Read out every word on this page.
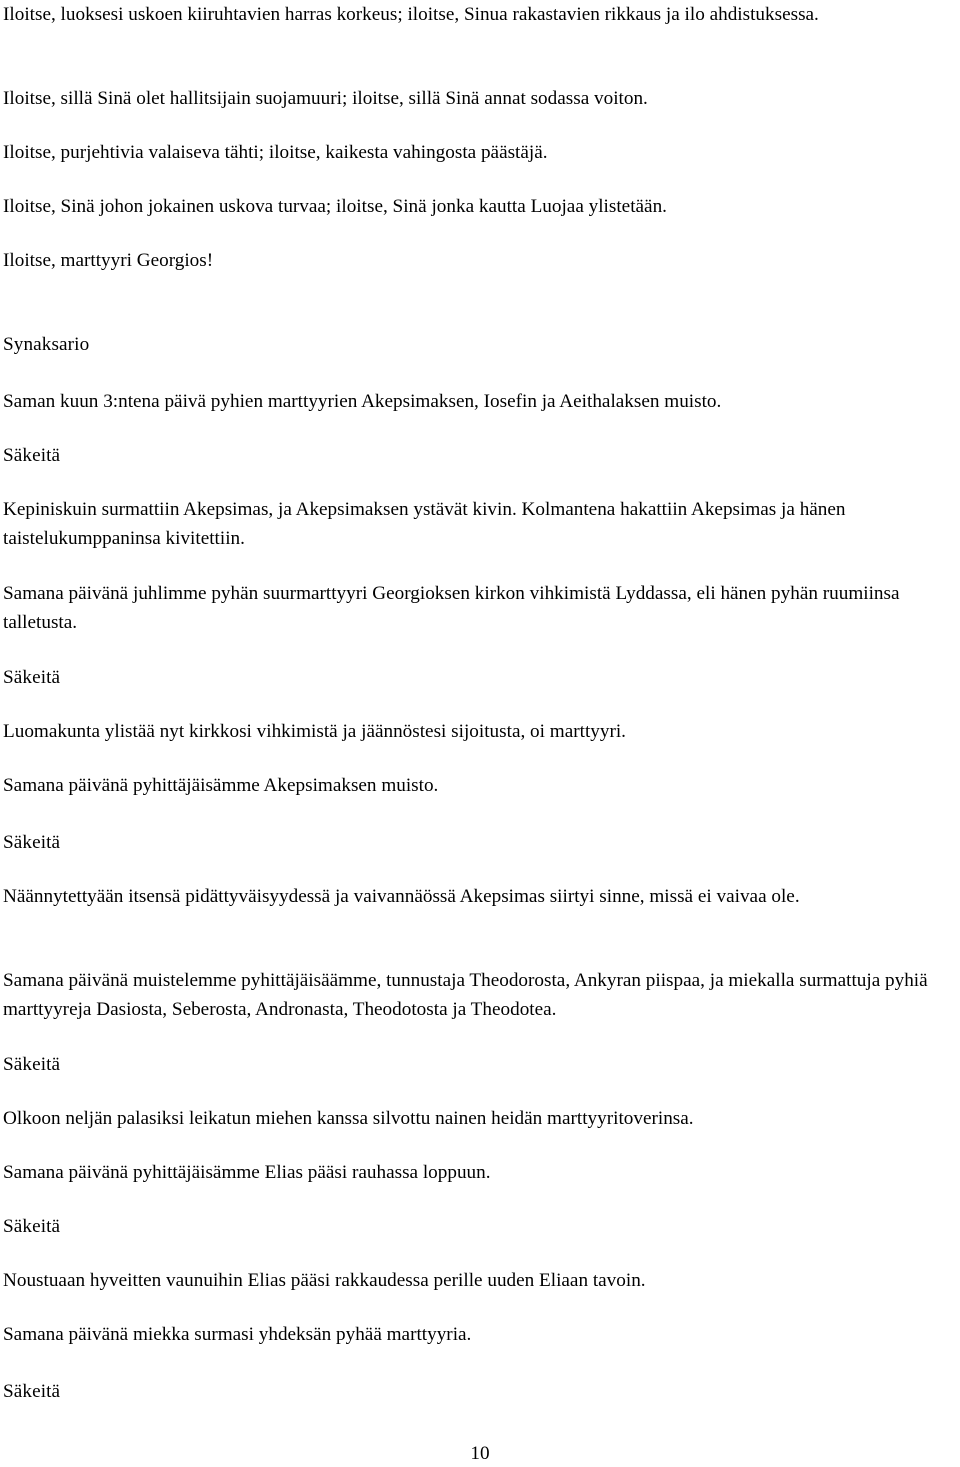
Iloitse, luoksesi uskoen kiiruhtavien harras korkeus; iloitse, Sinua rakastavien rikkaus ja ilo ahdistuksessa.

Iloitse, sillä Sinä olet hallitsijain suojamuuri; iloitse, sillä Sinä annat sodassa voiton.

Iloitse, purjehtivia valaiseva tähti; iloitse, kaikesta vahingosta päästäjä.

Iloitse, Sinä johon jokainen uskova turvaa; iloitse, Sinä jonka kautta Luojaa ylistetään.

Iloitse, marttyyri Georgios!

Synaksario

Saman kuun 3:ntena päivä pyhien marttyyrien Akepsimaksen, Iosefin ja Aeithalaksen muisto.

Säkeitä

Kepiniskuin surmattiin Akepsimas, ja Akepsimaksen ystävät kivin. Kolmantena hakattiin Akepsimas ja hänen taistelukumppaninsa kivitettiin.

Samana päivänä juhlimme pyhän suurmarttyyri Georgioksen kirkon vihkimistä Lyddassa, eli hänen pyhän ruumiinsa talletusta.

Säkeitä

Luomakunta ylistää nyt kirkkosi vihkimistä ja jäännöstesi sijoitusta, oi marttyyri.

Samana päivänä pyhittäjäisämme Akepsimaksen muisto.

Säkeitä

Näännytettyään itsensä pidättyväisyydessä ja vaivannäössä Akepsimas siirtyi sinne, missä ei vaivaa ole.

Samana päivänä muistelemme pyhittäjäisäämme, tunnustaja Theodorosta, Ankyran piispaa, ja miekalla surmattuja pyhiä marttyyreja Dasiosta, Seberosta, Andronasta, Theodotosta ja Theodotea.

Säkeitä

Olkoon neljän palasiksi leikatun miehen kanssa silvottu nainen heidän marttyyritoverinsa.

Samana päivänä pyhittäjäisämme Elias pääsi rauhassa loppuun.

Säkeitä

Noustuaan hyveitten vaunuihin Elias pääsi rakkaudessa perille uuden Eliaan tavoin.

Samana päivänä miekka surmasi yhdeksän pyhää marttyyria.

Säkeitä

10
